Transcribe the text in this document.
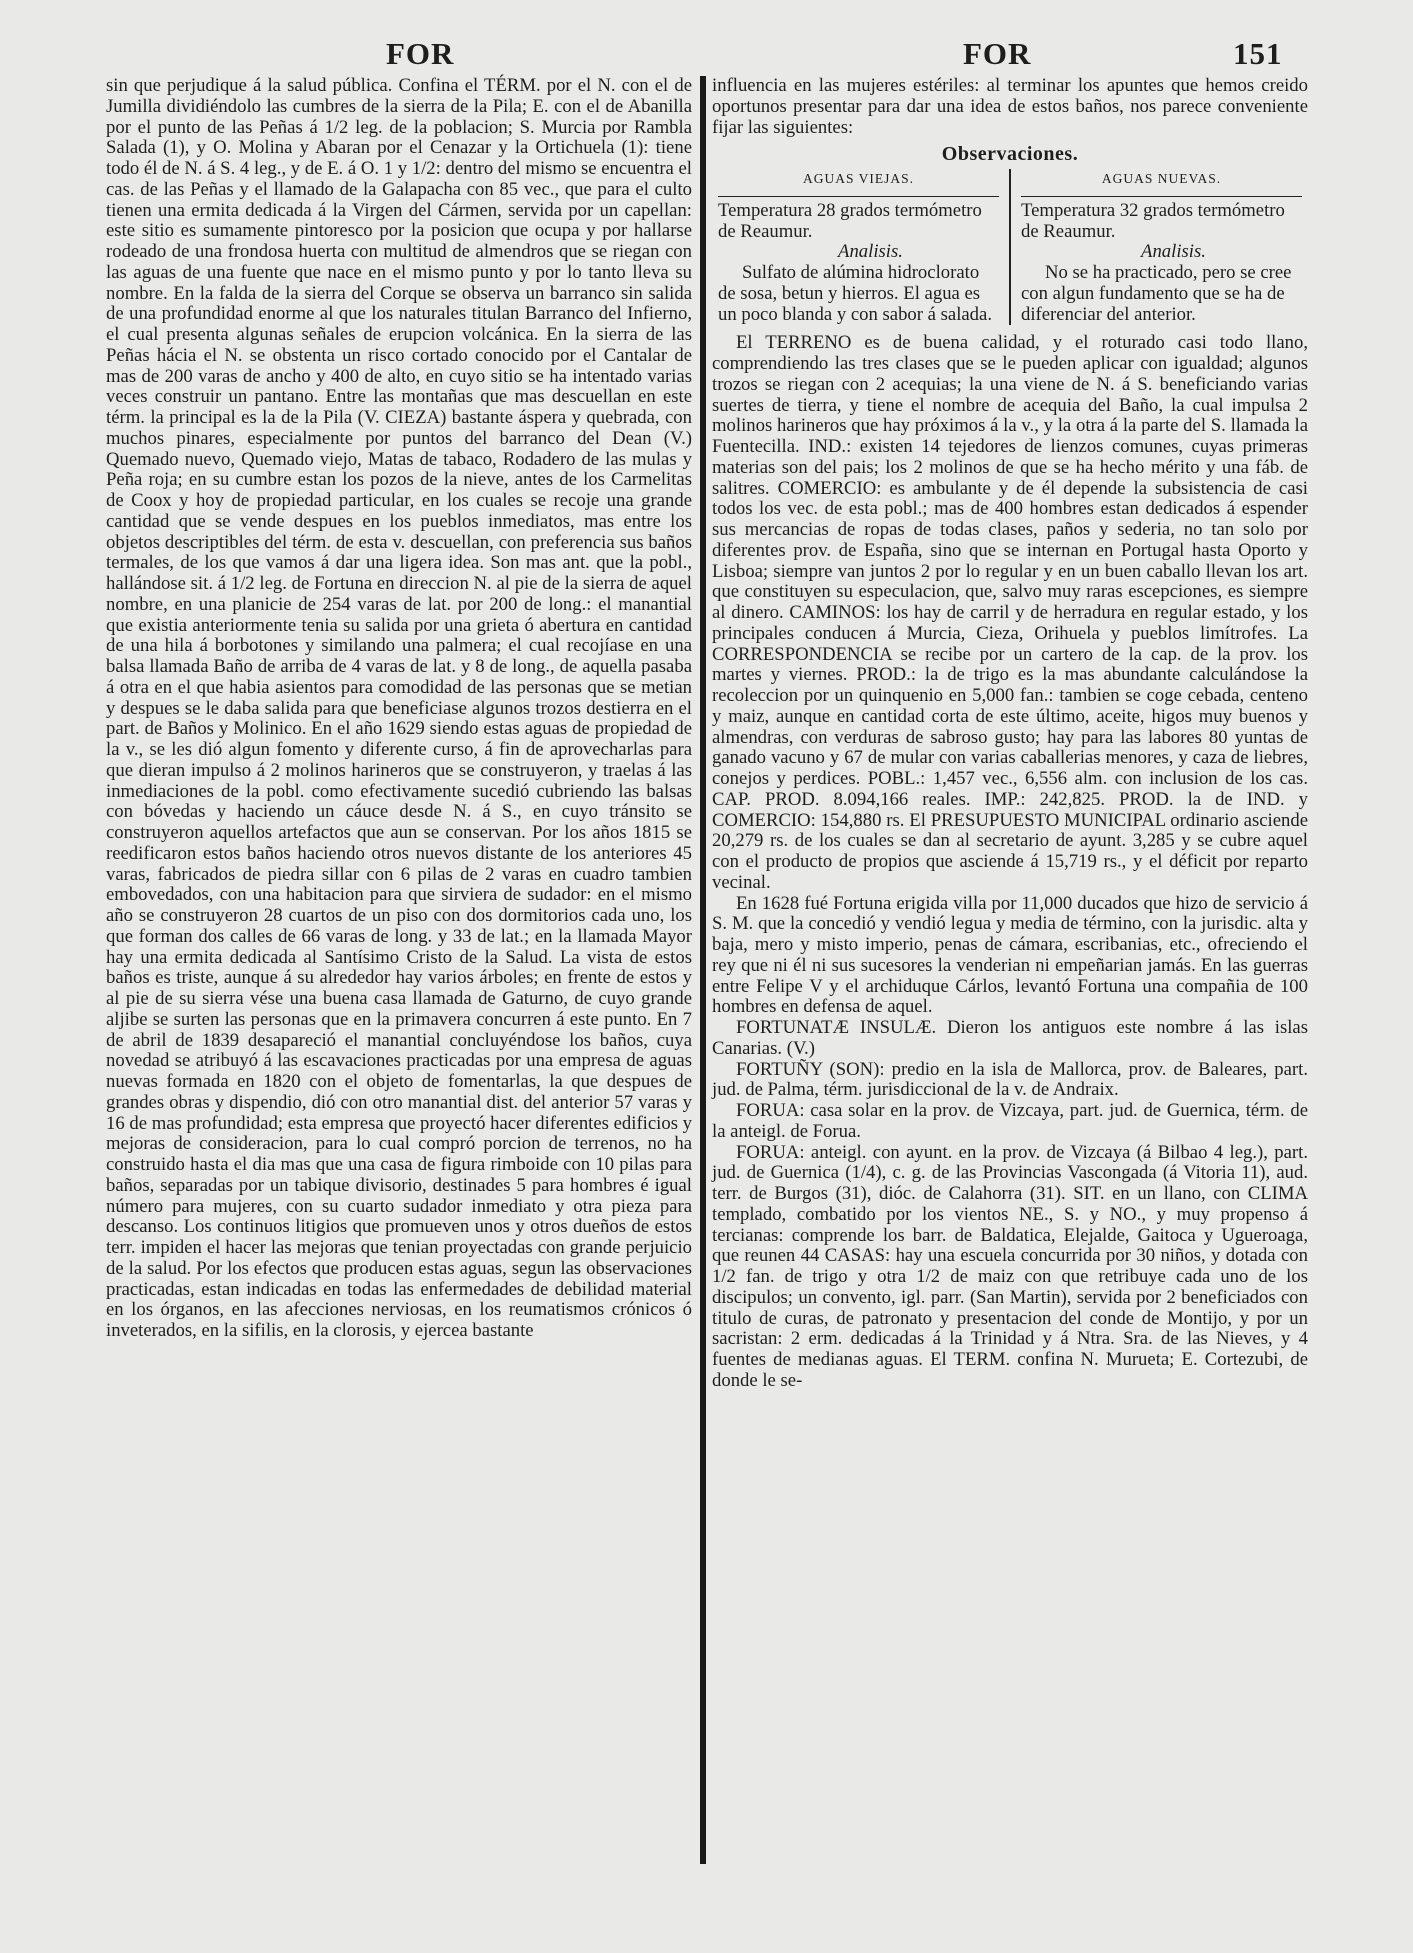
FOR	FOR	151

sin que perjudique á la salud pública. Confina el TÉRM. por el N. con el de Jumilla dividiéndolo las cumbres de la sierra de la Pila; E. con el de Abanilla por el punto de las Peñas á 1/2 leg. de la poblacion; S. Murcia por Rambla Salada (1), y O. Molina y Abaran por el Cenazar y la Ortichuela (1): tiene todo él de N. á S. 4 leg., y de E. á O. 1 y 1/2: dentro del mismo se encuentra el cas. de las Peñas y el llamado de la Galapacha con 85 vec., que para el culto tienen una ermita dedicada á la Virgen del Cármen, servida por un capellan: este sitio es sumamente pintoresco por la posicion que ocupa y por hallarse rodeado de una frondosa huerta con multitud de almendros que se riegan con las aguas de una fuente que nace en el mismo punto y por lo tanto lleva su nombre. En la falda de la sierra del Corque se observa un barranco sin salida de una profundidad enorme al que los naturales titulan Barranco del Infierno, el cual presenta algunas señales de erupcion volcánica. En la sierra de las Peñas hácia el N. se obstenta un risco cortado conocido por el Cantalar de mas de 200 varas de ancho y 400 de alto, en cuyo sitio se ha intentado varias veces construir un pantano. Entre las montañas que mas descuellan en este térm. la principal es la de la Pila (V. CIEZA) bastante áspera y quebrada, con muchos pinares, especialmente por puntos del barranco del Dean (V.) Quemado nuevo, Quemado viejo, Matas de tabaco, Rodadero de las mulas y Peña roja; en su cumbre estan los pozos de la nieve, antes de los Carmelitas de Coox y hoy de propiedad particular, en los cuales se recoje una grande cantidad que se vende despues en los pueblos inmediatos, mas entre los objetos descriptibles del térm. de esta v. descuellan, con preferencia sus baños termales, de los que vamos á dar una ligera idea. Son mas ant. que la pobl., hallándose sit. á 1/2 leg. de Fortuna en direccion N. al pie de la sierra de aquel nombre, en una planicie de 254 varas de lat. por 200 de long.: el manantial que existia anteriormente tenia su salida por una grieta ó abertura en cantidad de una hila á borbotones y similando una palmera; el cual recojíase en una balsa llamada Baño de arriba de 4 varas de lat. y 8 de long., de aquella pasaba á otra en el que habia asientos para comodidad de las personas que se metian y despues se le daba salida para que beneficiase algunos trozos destierra en el part. de Baños y Molinico. En el año 1629 siendo estas aguas de propiedad de la v., se les dió algun fomento y diferente curso, á fin de aprovecharlas para que dieran impulso á 2 molinos harineros que se construyeron, y traelas á las inmediaciones de la pobl. como efectivamente sucedió cubriendo las balsas con bóvedas y haciendo un cáuce desde N. á S., en cuyo tránsito se construyeron aquellos artefactos que aun se conservan. Por los años 1815 se reedificaron estos baños haciendo otros nuevos distante de los anteriores 45 varas, fabricados de piedra sillar con 6 pilas de 2 varas en cuadro tambien embovedados, con una habitacion para que sirviera de sudador: en el mismo año se construyeron 28 cuartos de un piso con dos dormitorios cada uno, los que forman dos calles de 66 varas de long. y 33 de lat.; en la llamada Mayor hay una ermita dedicada al Santísimo Cristo de la Salud. La vista de estos baños es triste, aunque á su alrededor hay varios árboles; en frente de estos y al pie de su sierra vése una buena casa llamada de Gaturno, de cuyo grande aljibe se surten las personas que en la primavera concurren á este punto. En 7 de abril de 1839 desapareció el manantial concluyéndose los baños, cuya novedad se atribuyó á las escavaciones practicadas por una empresa de aguas nuevas formada en 1820 con el objeto de fomentarlas, la que despues de grandes obras y dispendio, dió con otro manantial dist. del anterior 57 varas y 16 de mas profundidad; esta empresa que proyectó hacer diferentes edificios y mejoras de consideracion, para lo cual compró porcion de terrenos, no ha construido hasta el dia mas que una casa de figura rimboide con 10 pilas para baños, separadas por un tabique divisorio, destinades 5 para hombres é igual número para mujeres, con su cuarto sudador inmediato y otra pieza para descanso. Los continuos litigios que promueven unos y otros dueños de estos terr. impiden el hacer las mejoras que tenian proyectadas con grande perjuicio de la salud. Por los efectos que producen estas aguas, segun las observaciones practicadas, estan indicadas en todas las enfermedades de debilidad material en los órganos, en las afecciones nerviosas, en los reumatismos crónicos ó inveterados, en la sifilis, en la clorosis, y ejercea bastante

influencia en las mujeres estériles: al terminar los apuntes que hemos creido oportunos presentar para dar una idea de estos baños, nos parece conveniente fijar las siguientes:

Observaciones.
AGUAS VIEJAS.

Temperatura 28 grados termómetro de Reaumur.

Analisis.

Sulfato de alúmina hidroclorato de sosa, betun y hierros. El agua es un poco blanda y con sabor á salada.

AGUAS NUEVAS.

Temperatura 32 grados termómetro de Reaumur.

Analisis.

No se ha practicado, pero se cree con algun fundamento que se ha de diferenciar del anterior.

El TERRENO es de buena calidad, y el roturado casi todo llano, comprendiendo las tres clases que se le pueden aplicar con igualdad; algunos trozos se riegan con 2 acequias; la una viene de N. á S. beneficiando varias suertes de tierra, y tiene el nombre de acequia del Baño, la cual impulsa 2 molinos harineros que hay próximos á la v., y la otra á la parte del S. llamada la Fuentecilla. IND.: existen 14 tejedores de lienzos comunes, cuyas primeras materias son del pais; los 2 molinos de que se ha hecho mérito y una fáb. de salitres. COMERCIO: es ambulante y de él depende la subsistencia de casi todos los vec. de esta pobl.; mas de 400 hombres estan dedicados á espender sus mercancias de ropas de todas clases, paños y sederia, no tan solo por diferentes prov. de España, sino que se internan en Portugal hasta Oporto y Lisboa; siempre van juntos 2 por lo regular y en un buen caballo llevan los art. que constituyen su especulacion, que, salvo muy raras escepciones, es siempre al dinero. CAMINOS: los hay de carril y de herradura en regular estado, y los principales conducen á Murcia, Cieza, Orihuela y pueblos limítrofes. La CORRESPONDENCIA se recibe por un cartero de la cap. de la prov. los martes y viernes. PROD.: la de trigo es la mas abundante calculándose la recoleccion por un quinquenio en 5,000 fan.: tambien se coge cebada, centeno y maiz, aunque en cantidad corta de este último, aceite, higos muy buenos y almendras, con verduras de sabroso gusto; hay para las labores 80 yuntas de ganado vacuno y 67 de mular con varias caballerias menores, y caza de liebres, conejos y perdices. POBL.: 1,457 vec., 6,556 alm. con inclusion de los cas. CAP. PROD. 8.094,166 reales. IMP.: 242,825. PROD. la de IND. y COMERCIO: 154,880 rs. El PRESUPUESTO MUNICIPAL ordinario asciende 20,279 rs. de los cuales se dan al secretario de ayunt. 3,285 y se cubre aquel con el producto de propios que asciende á 15,719 rs., y el déficit por reparto vecinal.

En 1628 fué Fortuna erigida villa por 11,000 ducados que hizo de servicio á S. M. que la concedió y vendió legua y media de término, con la jurisdic. alta y baja, mero y misto imperio, penas de cámara, escribanias, etc., ofreciendo el rey que ni él ni sus sucesores la venderian ni empeñarian jamás. En las guerras entre Felipe V y el archiduque Cárlos, levantó Fortuna una compañia de 100 hombres en defensa de aquel.

FORTUNATÆ INSULÆ. Dieron los antiguos este nombre á las islas Canarias. (V.)

FORTUÑY (SON): predio en la isla de Mallorca, prov. de Baleares, part. jud. de Palma, térm. jurisdiccional de la v. de Andraix.

FORUA: casa solar en la prov. de Vizcaya, part. jud. de Guernica, térm. de la anteigl. de Forua.

FORUA: anteigl. con ayunt. en la prov. de Vizcaya (á Bilbao 4 leg.), part. jud. de Guernica (1/4), c. g. de las Provincias Vascongada (á Vitoria 11), aud. terr. de Burgos (31), dióc. de Calahorra (31). SIT. en un llano, con CLIMA templado, combatido por los vientos NE., S. y NO., y muy propenso á tercianas: comprende los barr. de Baldatica, Elejalde, Gaitoca y Ugueroaga, que reunen 44 CASAS: hay una escuela concurrida por 30 niños, y dotada con 1/2 fan. de trigo y otra 1/2 de maiz con que retribuye cada uno de los discipulos; un convento, igl. parr. (San Martin), servida por 2 beneficiados con titulo de curas, de patronato y presentacion del conde de Montijo, y por un sacristan: 2 erm. dedicadas á la Trinidad y á Ntra. Sra. de las Nieves, y 4 fuentes de medianas aguas. El TERM. confina N. Murueta; E. Cortezubi, de donde le se-
